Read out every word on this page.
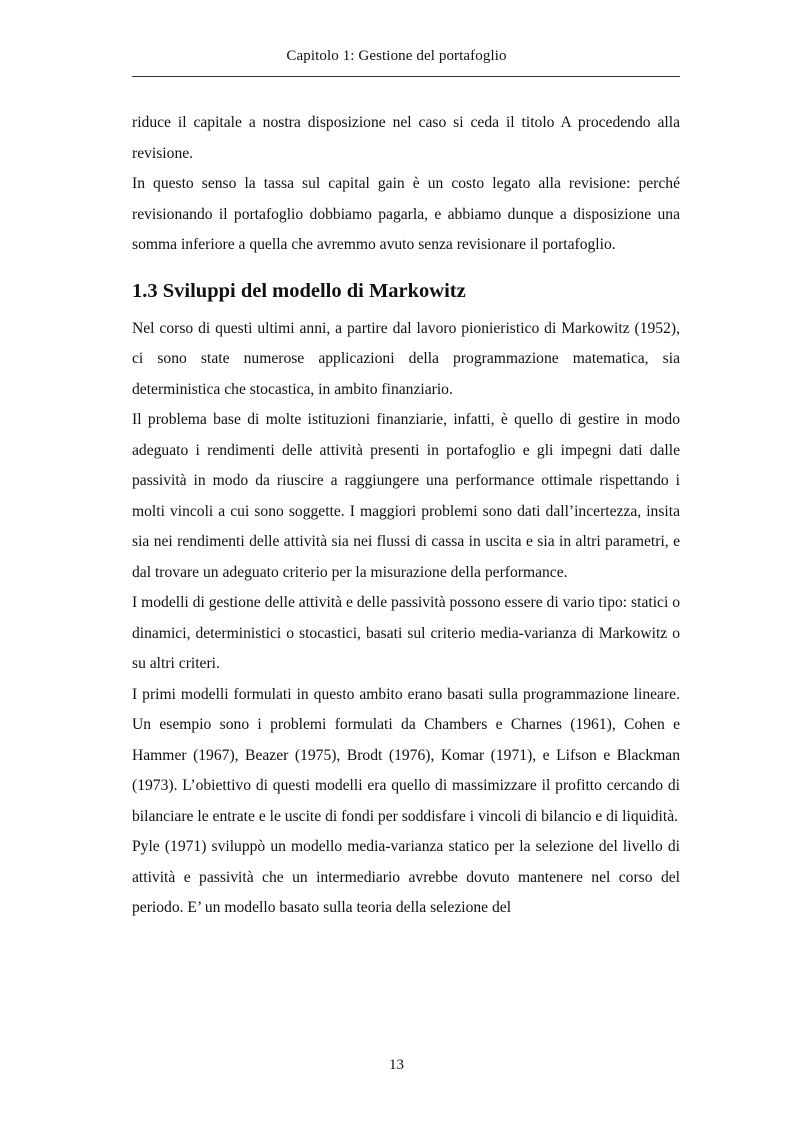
Capitolo 1: Gestione del portafoglio

riduce il capitale a nostra disposizione nel caso si ceda il titolo A procedendo alla revisione.

In questo senso la tassa sul capital gain è un costo legato alla revisione: perché revisionando il portafoglio dobbiamo pagarla, e abbiamo dunque a disposizione una somma inferiore a quella che avremmo avuto senza revisionare il portafoglio.

1.3 Sviluppi del modello di Markowitz

Nel corso di questi ultimi anni, a partire dal lavoro pionieristico di Markowitz (1952), ci sono state numerose applicazioni della programmazione matematica, sia deterministica che stocastica, in ambito finanziario.

Il problema base di molte istituzioni finanziarie, infatti, è quello di gestire in modo adeguato i rendimenti delle attività presenti in portafoglio e gli impegni dati dalle passività in modo da riuscire a raggiungere una performance ottimale rispettando i molti vincoli a cui sono soggette. I maggiori problemi sono dati dall’incertezza, insita sia nei rendimenti delle attività sia nei flussi di cassa in uscita e sia in altri parametri, e dal trovare un adeguato criterio per la misurazione della performance.

I modelli di gestione delle attività e delle passività possono essere di vario tipo: statici o dinamici, deterministici o stocastici, basati sul criterio media-varianza di Markowitz o su altri criteri.

I primi modelli formulati in questo ambito erano basati sulla programmazione lineare. Un esempio sono i problemi formulati da Chambers e Charnes (1961), Cohen e Hammer (1967), Beazer (1975), Brodt (1976), Komar (1971), e Lifson e Blackman (1973). L’obiettivo di questi modelli era quello di massimizzare il profitto cercando di bilanciare le entrate e le uscite di fondi per soddisfare i vincoli di bilancio e di liquidità.

Pyle (1971) sviluppò un modello media-varianza statico per la selezione del livello di attività e passività che un intermediario avrebbe dovuto mantenere nel corso del periodo. E’ un modello basato sulla teoria della selezione del

13
